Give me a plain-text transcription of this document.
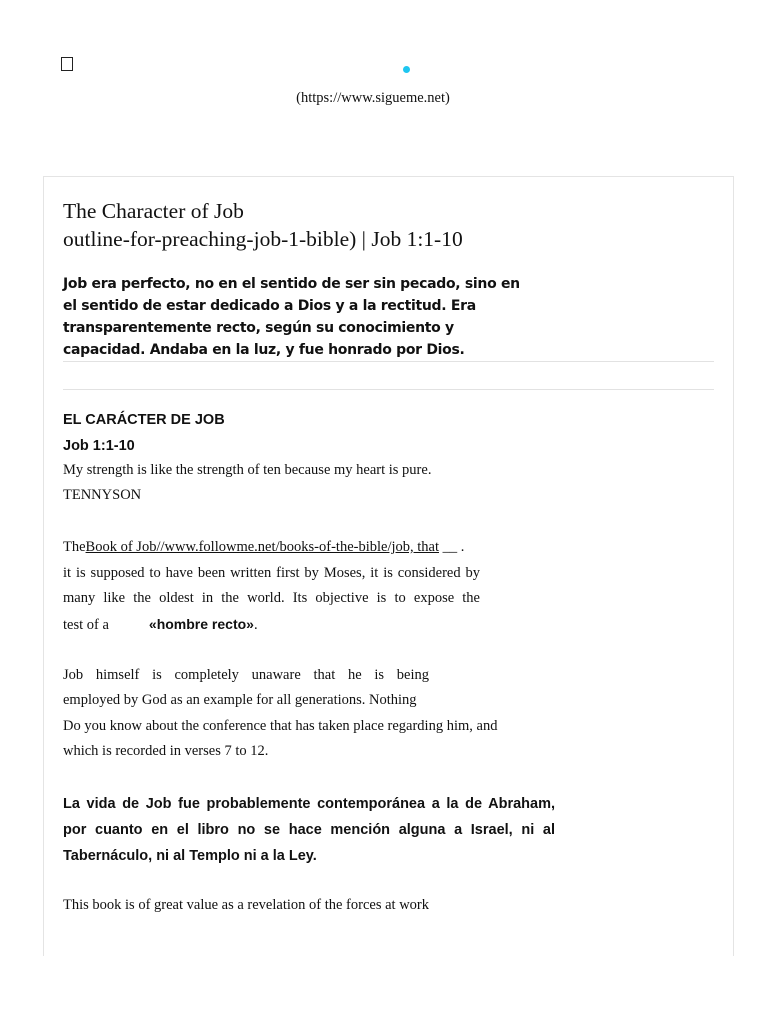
(https://www.sigueme.net)
The Character of Job
outline-for-preaching-job-1-bible) | Job 1:1-10

Job era perfecto, no en el sentido de ser sin pecado, sino en el sentido de estar dedicado a Dios y a la rectitud. Era transparentemente recto, según su conocimiento y capacidad. Andaba en la luz, y fue honrado por Dios.

EL CARÁCTER DE JOB

Job 1:1-10

My strength is like the strength of ten because my heart is pure.

TENNYSON

TheBook of Job//www.followme.net/books-of-the-bible/job, that __ .

it is supposed to have been written first by Moses, it is considered by

many like the oldest in the world. Its objective is to expose the

test of a	«hombre recto».

Job himself is completely unaware that he is being

employed by God as an example for all generations. Nothing

Do you know about the conference that has taken place regarding him, and

which is recorded in verses 7 to 12.

La vida de Job fue probablemente contemporánea a la de Abraham, por cuanto en el libro no se hace mención alguna a Israel, ni al Tabernáculo, ni al Templo ni a la Ley.

This book is of great value as a revelation of the forces at work
